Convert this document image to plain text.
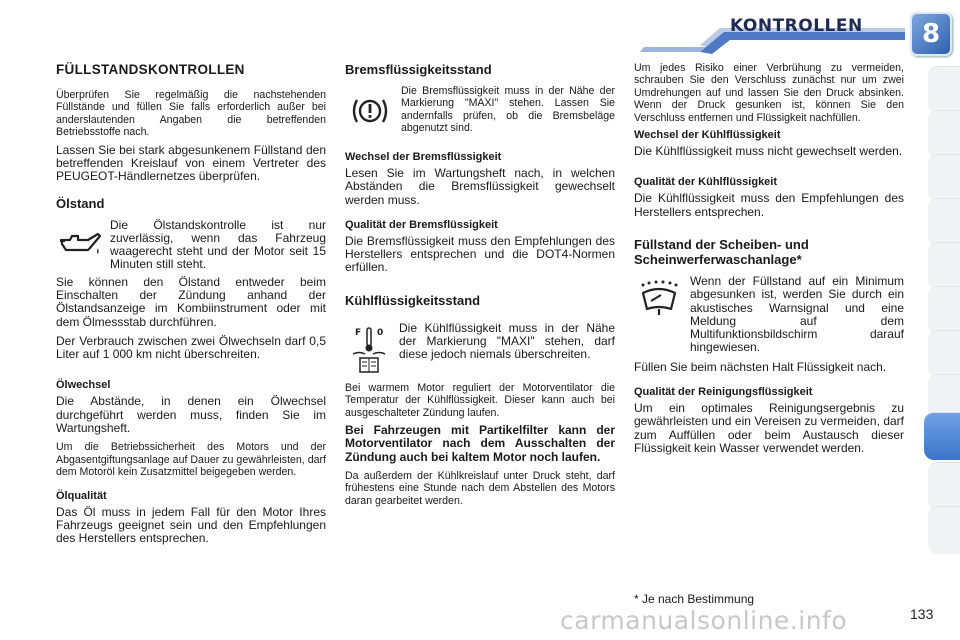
KONTROLLEN	8
FÜLLSTANDSKONTROLLEN

Überprüfen Sie regelmäßig die nachstehenden Füllstände und füllen Sie falls erforderlich außer bei anderslautenden Angaben die betreffenden Betriebsstoffe nach.

Lassen Sie bei stark abgesunkenem Füllstand den betreffenden Kreislauf von einem Vertreter des PEUGEOT-Händlernetzes überprüfen.

Ölstand

Die Ölstandskontrolle ist nur zuverlässig, wenn das Fahrzeug waagerecht steht und der Motor seit 15 Minuten still steht.

Sie können den Ölstand entweder beim Einschalten der Zündung anhand der Ölstandsanzeige im Kombiinstrument oder mit dem Ölmessstab durchführen.

Der Verbrauch zwischen zwei Ölwechseln darf 0,5 Liter auf 1 000 km nicht überschreiten.

Ölwechsel

Die Abstände, in denen ein Ölwechsel durchgeführt werden muss, finden Sie im Wartungsheft.

Um die Betriebssicherheit des Motors und der Abgasentgiftungsanlage auf Dauer zu gewährleisten, darf dem Motoröl kein Zusatzmittel beigegeben werden.

Ölqualität

Das Öl muss in jedem Fall für den Motor Ihres Fahrzeugs geeignet sein und den Empfehlungen des Herstellers entsprechen.

Bremsflüssigkeitsstand

Die Bremsflüssigkeit muss in der Nähe der Markierung "MAXI" stehen. Lassen Sie andernfalls prüfen, ob die Bremsbeläge abgenutzt sind.

Wechsel der Bremsflüssigkeit

Lesen Sie im Wartungsheft nach, in welchen Abständen die Bremsflüssigkeit gewechselt werden muss.

Qualität der Bremsflüssigkeit

Die Bremsflüssigkeit muss den Empfehlungen des Herstellers entsprechen und die DOT4-Normen erfüllen.

Kühlflüssigkeitsstand
F 0 Die Kühlflüssigkeit muss in der Nähe der Markierung "MAXI" stehen, darf diese jedoch niemals überschreiten.

Bei warmem Motor reguliert der Motorventilator die Temperatur der Kühlflüssigkeit. Dieser kann auch bei ausgeschalteter Zündung laufen.

Bei Fahrzeugen mit Partikelfilter kann der Motorventilator nach dem Ausschalten der Zündung auch bei kaltem Motor noch laufen.

Da außerdem der Kühlkreislauf unter Druck steht, darf frühestens eine Stunde nach dem Abstellen des Motors daran gearbeitet werden.

Um jedes Risiko einer Verbrühung zu vermeiden, schrauben Sie den Verschluss zunächst nur um zwei Umdrehungen auf und lassen Sie den Druck absinken. Wenn der Druck gesunken ist, können Sie den Verschluss entfernen und Flüssigkeit nachfüllen.

Wechsel der Kühlflüssigkeit

Die Kühlflüssigkeit muss nicht gewechselt werden.

Qualität der Kühlflüssigkeit

Die Kühlflüssigkeit muss den Empfehlungen des Herstellers entsprechen.

Füllstand der Scheiben- und Scheinwerferwaschanlage*

Wenn der Füllstand auf ein Minimum abgesunken ist, werden Sie durch ein akustisches Warnsignal und eine Meldung auf dem Multifunktionsbildschirm darauf hingewiesen.

Füllen Sie beim nächsten Halt Flüssigkeit nach.

Qualität der Reinigungsflüssigkeit

Um ein optimales Reinigungsergebnis zu gewährleisten und ein Vereisen zu vermeiden, darf zum Auffüllen oder beim Austausch dieser Flüssigkeit kein Wasser verwendet werden.

* Je nach Bestimmung
carmanualsonline.info	133
